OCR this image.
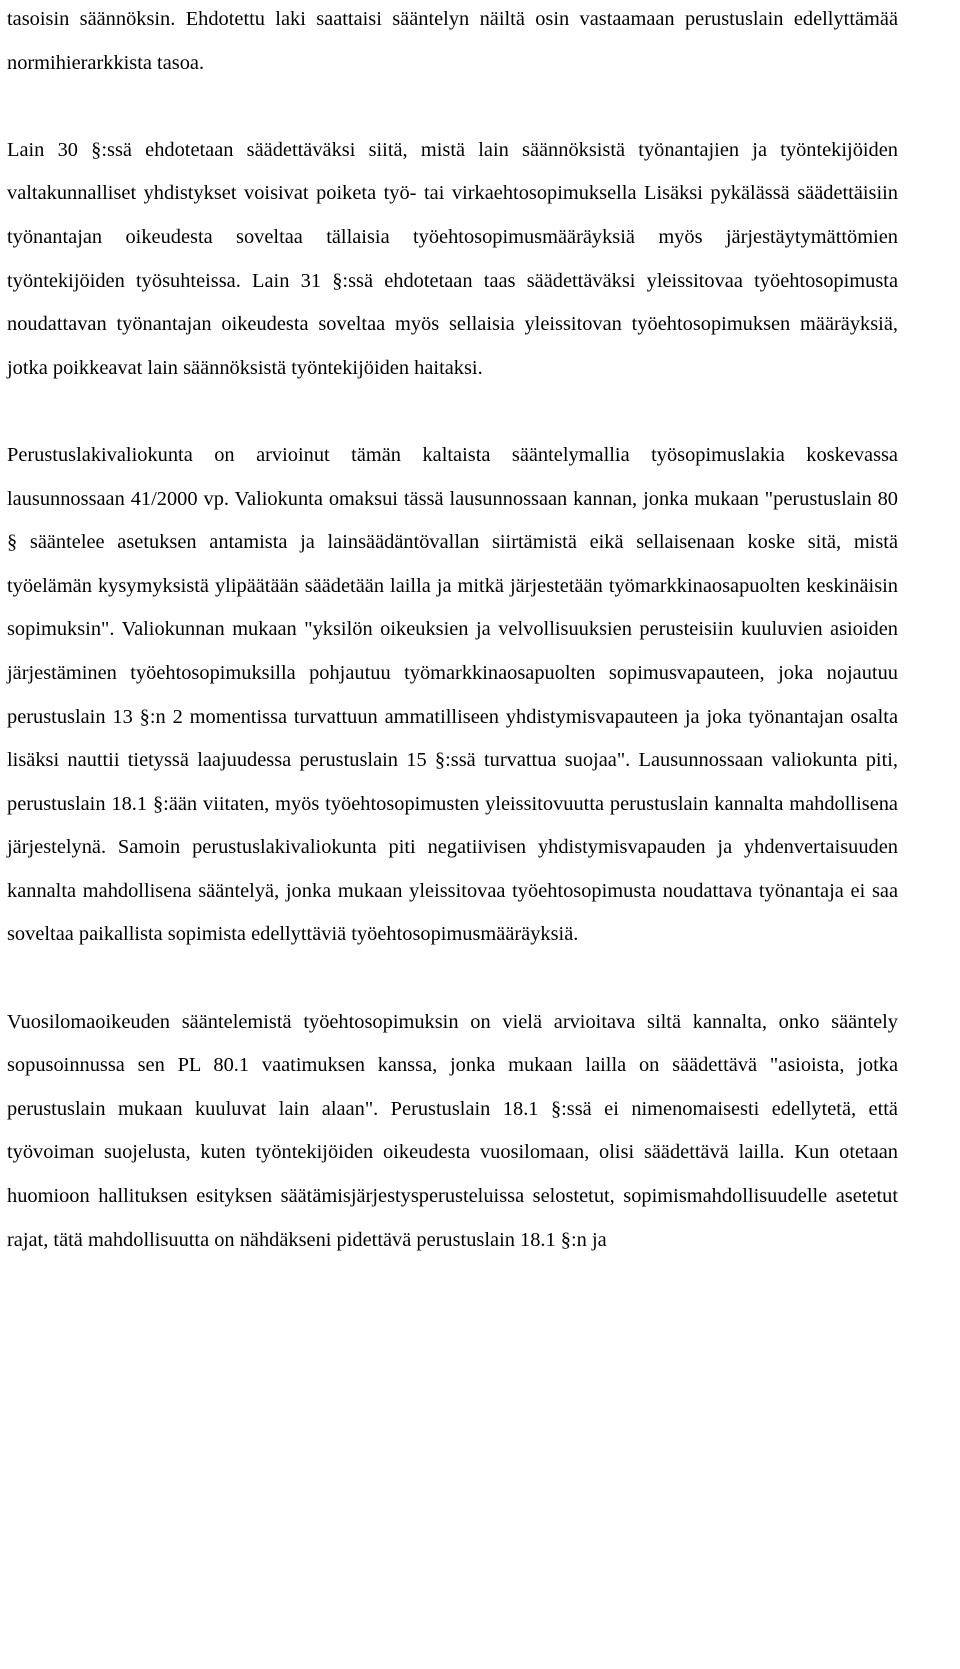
tasoisin säännöksin. Ehdotettu laki saattaisi sääntelyn näiltä osin vastaamaan perustuslain edellyttämää normihierarkkista tasoa.

Lain 30 §:ssä ehdotetaan säädettäväksi siitä, mistä lain säännöksistä työnantajien ja työntekijöiden valtakunnalliset yhdistykset voisivat poiketa työ- tai virkaehtosopimuksella Lisäksi pykälässä säädettäisiin työnantajan oikeudesta soveltaa tällaisia työehtosopimusmääräyksiä myös järjestäytymättömien työntekijöiden työsuhteissa. Lain 31 §:ssä ehdotetaan taas säädettäväksi yleissitovaa työehtosopimusta noudattavan työnantajan oikeudesta soveltaa myös sellaisia yleissitovan työehtosopimuksen määräyksiä, jotka poikkeavat lain säännöksistä työntekijöiden haitaksi.

Perustuslakivaliokunta on arvioinut tämän kaltaista sääntelymallia työsopimuslakia koskevassa lausunnossaan 41/2000 vp. Valiokunta omaksui tässä lausunnossaan kannan, jonka mukaan "perustuslain 80 § sääntelee asetuksen antamista ja lainsäädäntövallan siirtämistä eikä sellaisenaan koske sitä, mistä työelämän kysymyksistä ylipäätään säädetään lailla ja mitkä järjestetään työmarkkinaosapuolten keskinäisin sopimuksin". Valiokunnan mukaan "yksilön oikeuksien ja velvollisuuksien perusteisiin kuuluvien asioiden järjestäminen työehtosopimuksilla pohjautuu työmarkkinaosapuolten sopimusvapauteen, joka nojautuu perustuslain 13 §:n 2 momentissa turvattuun ammatilliseen yhdistymisvapauteen ja joka työnantajan osalta lisäksi nauttii tietyssä laajuudessa perustuslain 15 §:ssä turvattua suojaa". Lausunnossaan valiokunta piti, perustuslain 18.1 §:ään viitaten, myös työehtosopimusten yleissitovuutta perustuslain kannalta mahdollisena järjestelynä. Samoin perustuslakivaliokunta piti negatiivisen yhdistymisvapauden ja yhdenvertaisuuden kannalta mahdollisena sääntelyä, jonka mukaan yleissitovaa työehtosopimusta noudattava työnantaja ei saa soveltaa paikallista sopimista edellyttäviä työehtosopimusmääräyksiä.

Vuosilomaoikeuden sääntelemistä työehtosopimuksin on vielä arvioitava siltä kannalta, onko sääntely sopusoinnussa sen PL 80.1 vaatimuksen kanssa, jonka mukaan lailla on säädettävä "asioista, jotka perustuslain mukaan kuuluvat lain alaan". Perustuslain 18.1 §:ssä ei nimenomaisesti edellytetä, että työvoiman suojelusta, kuten työntekijöiden oikeudesta vuosilomaan, olisi säädettävä lailla. Kun otetaan huomioon hallituksen esityksen säätämisjärjestysperusteluissa selostetut, sopimismahdollisuudelle asetetut rajat, tätä mahdollisuutta on nähdäkseni pidettävä perustuslain 18.1 §:n ja
